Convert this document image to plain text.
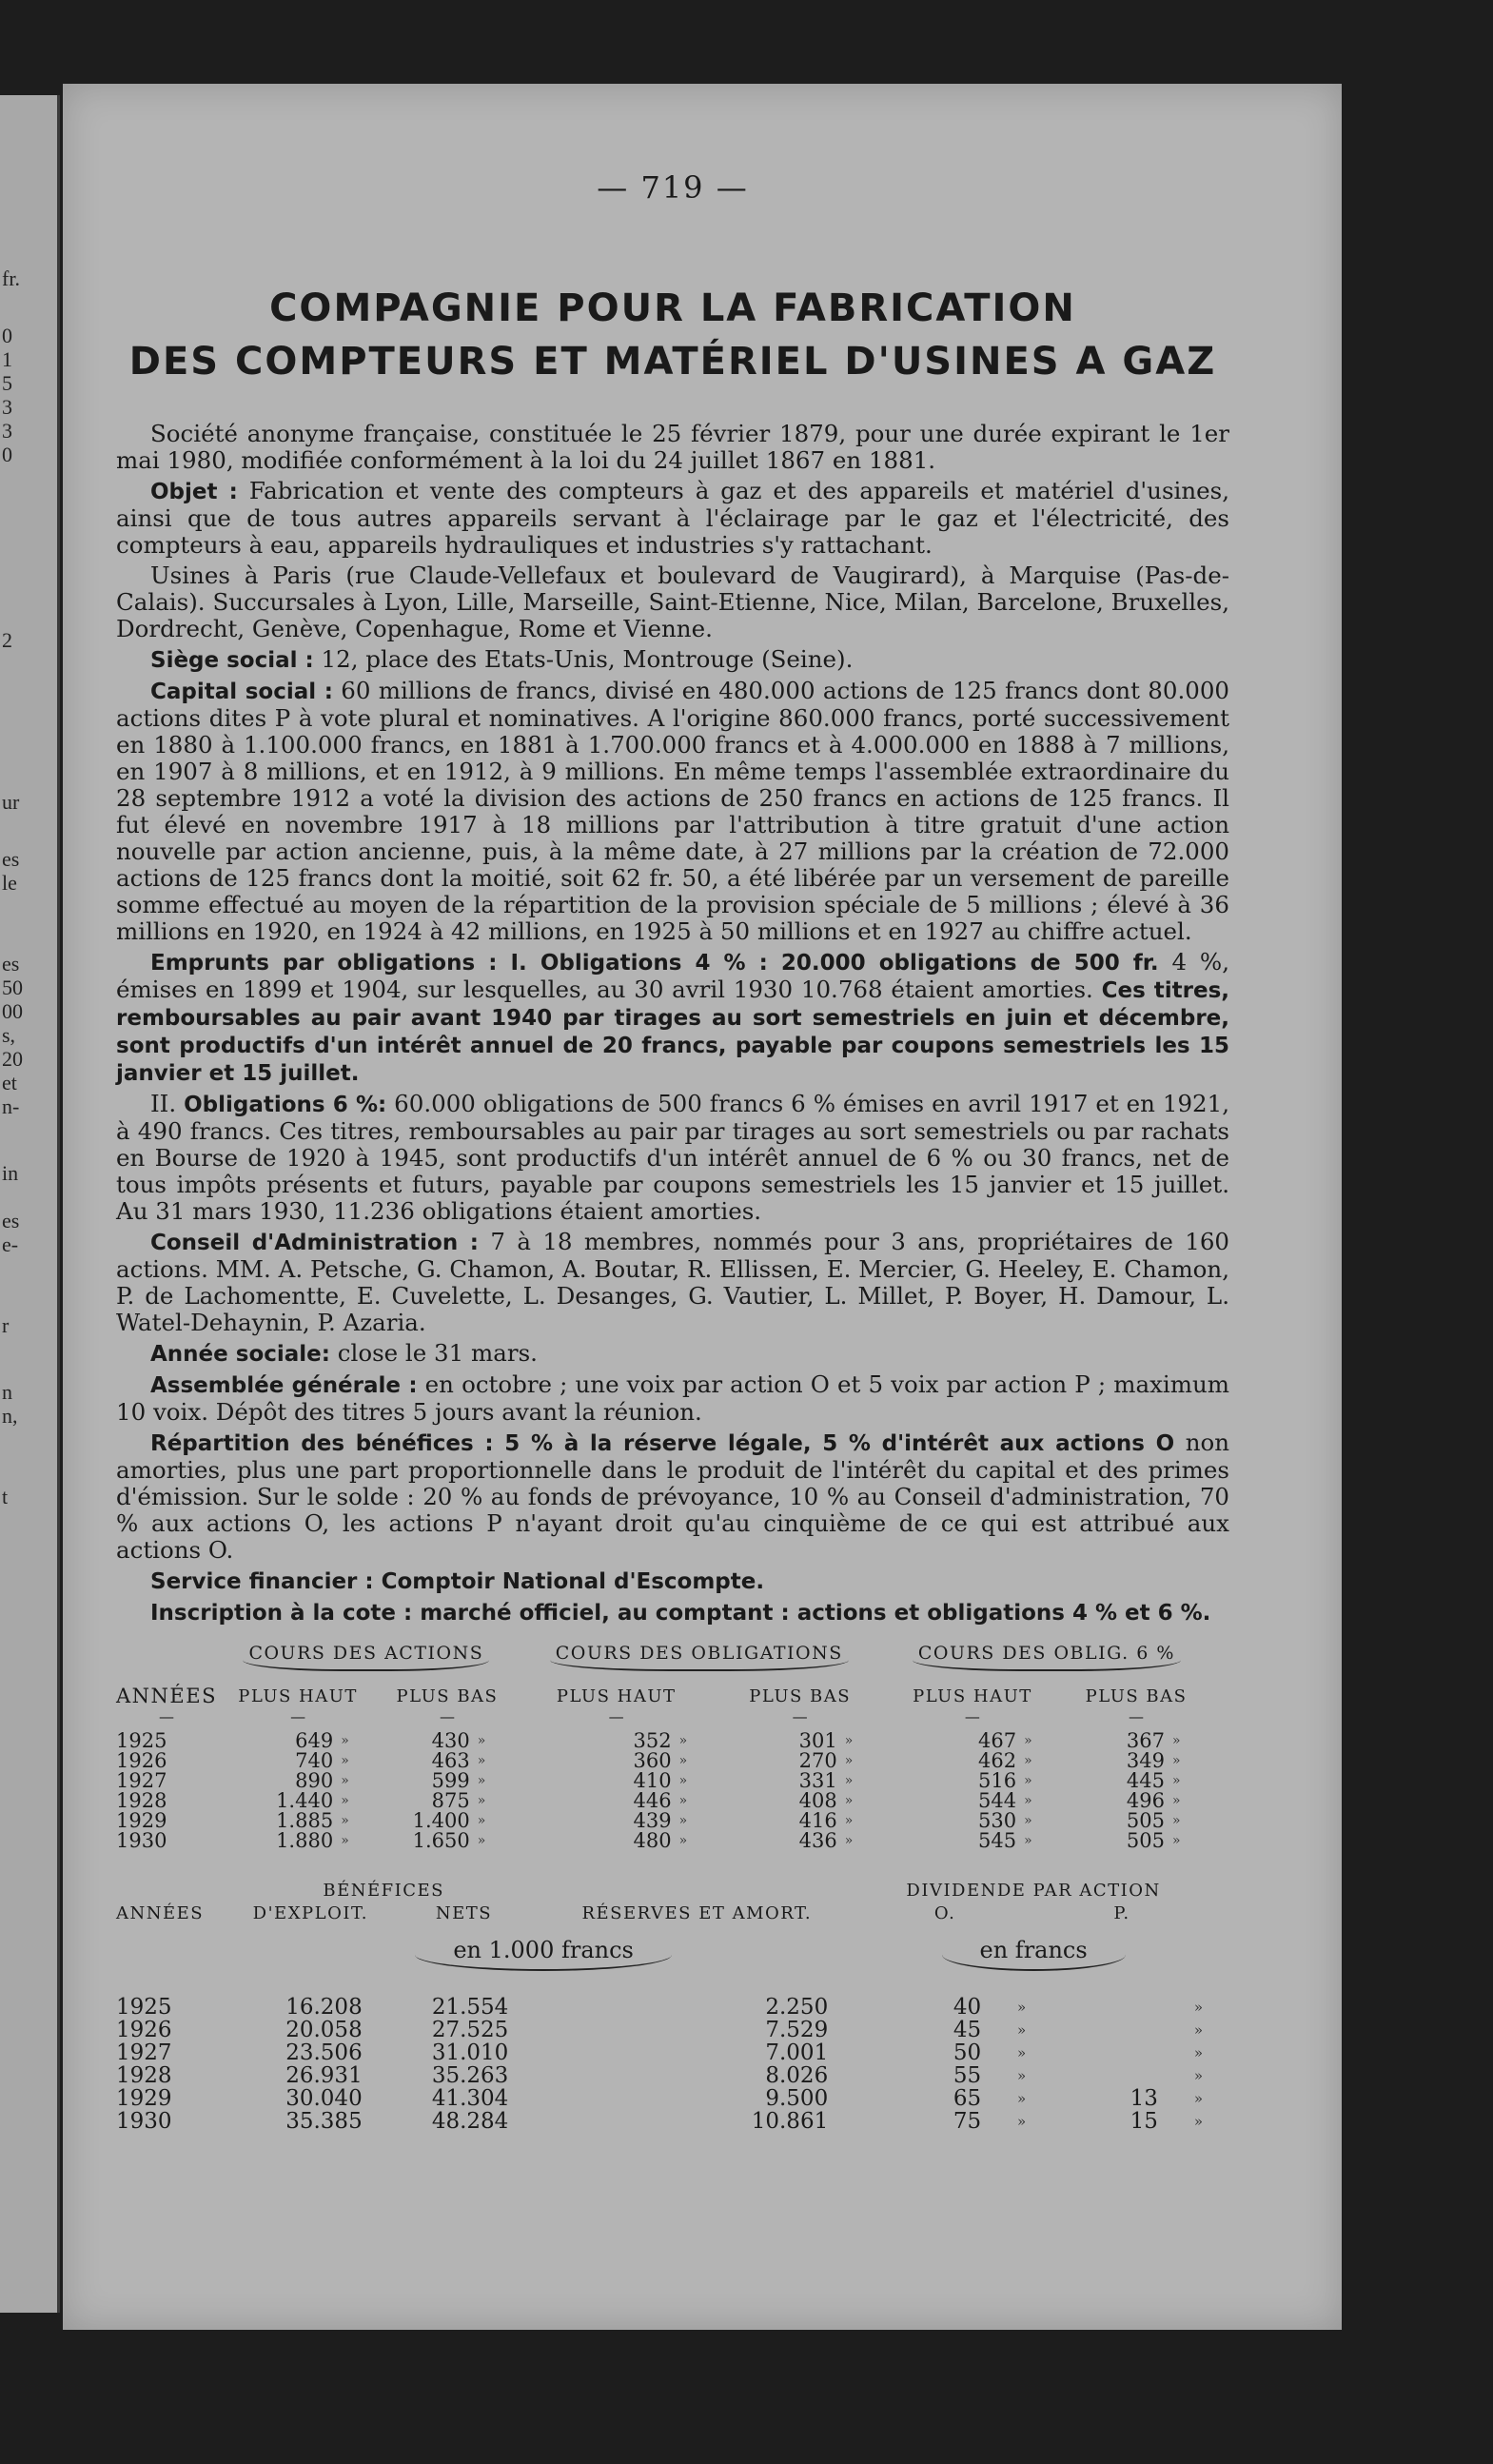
fr.
0
1
5
3
3
0
2
ur
es
le
es
50
00
s,
20
et
n-
in
es
e-
r
n
n,
t
— 719 —
COMPAGNIE POUR LA FABRICATION
DES COMPTEURS ET MATÉRIEL D'USINES A GAZ

Société anonyme française, constituée le 25 février 1879, pour une durée expirant le 1er mai 1980, modifiée conformément à la loi du 24 juillet 1867 en 1881.

Objet : Fabrication et vente des compteurs à gaz et des appareils et matériel d'usines, ainsi que de tous autres appareils servant à l'éclairage par le gaz et l'électricité, des compteurs à eau, appareils hydrauliques et industries s'y rattachant.

Usines à Paris (rue Claude-Vellefaux et boulevard de Vaugirard), à Marquise (Pas-de-Calais). Succursales à Lyon, Lille, Marseille, Saint-Etienne, Nice, Milan, Barcelone, Bruxelles, Dordrecht, Genève, Copenhague, Rome et Vienne.

Siège social : 12, place des Etats-Unis, Montrouge (Seine).

Capital social : 60 millions de francs, divisé en 480.000 actions de 125 francs dont 80.000 actions dites P à vote plural et nominatives. A l'origine 860.000 francs, porté successivement en 1880 à 1.100.000 francs, en 1881 à 1.700.000 francs et à 4.000.000 en 1888 à 7 millions, en 1907 à 8 millions, et en 1912, à 9 millions. En même temps l'assemblée extraordinaire du 28 septembre 1912 a voté la division des actions de 250 francs en actions de 125 francs. Il fut élevé en novembre 1917 à 18 millions par l'attribution à titre gratuit d'une action nouvelle par action ancienne, puis, à la même date, à 27 millions par la création de 72.000 actions de 125 francs dont la moitié, soit 62 fr. 50, a été libérée par un versement de pareille somme effectué au moyen de la répartition de la provision spéciale de 5 millions ; élevé à 36 millions en 1920, en 1924 à 42 millions, en 1925 à 50 millions et en 1927 au chiffre actuel.

Emprunts par obligations : I. Obligations 4 % : 20.000 obligations de 500 fr. 4 %, émises en 1899 et 1904, sur lesquelles, au 30 avril 1930 10.768 étaient amorties. Ces titres, remboursables au pair avant 1940 par tirages au sort semestriels en juin et décembre, sont productifs d'un intérêt annuel de 20 francs, payable par coupons semestriels les 15 janvier et 15 juillet.

II. Obligations 6 %: 60.000 obligations de 500 francs 6 % émises en avril 1917 et en 1921, à 490 francs. Ces titres, remboursables au pair par tirages au sort semestriels ou par rachats en Bourse de 1920 à 1945, sont productifs d'un intérêt annuel de 6 % ou 30 francs, net de tous impôts présents et futurs, payable par coupons semestriels les 15 janvier et 15 juillet. Au 31 mars 1930, 11.236 obligations étaient amorties.

Conseil d'Administration : 7 à 18 membres, nommés pour 3 ans, propriétaires de 160 actions. MM. A. Petsche, G. Chamon, A. Boutar, R. Ellissen, E. Mercier, G. Heeley, E. Chamon, P. de Lachomentte, E. Cuvelette, L. Desanges, G. Vautier, L. Millet, P. Boyer, H. Damour, L. Watel-Dehaynin, P. Azaria.

Année sociale: close le 31 mars.

Assemblée générale : en octobre ; une voix par action O et 5 voix par action P ; maximum 10 voix. Dépôt des titres 5 jours avant la réunion.

Répartition des bénéfices : 5 % à la réserve légale, 5 % d'intérêt aux actions O non amorties, plus une part proportionnelle dans le produit de l'intérêt du capital et des primes d'émission. Sur le solde : 20 % au fonds de prévoyance, 10 % au Conseil d'administration, 70 % aux actions O, les actions P n'ayant droit qu'au cinquième de ce qui est attribué aux actions O.

Service financier : Comptoir National d'Escompte.

Inscription à la cote : marché officiel, au comptant : actions et obligations 4 % et 6 %.

	COURS DES ACTIONS				COURS DES OBLIGATIONS				COURS DES OBLIG. 6 %			
ANNÉES	PLUS HAUT		PLUS BAS		PLUS HAUT		PLUS BAS		PLUS HAUT		PLUS BAS	
—	—		—		—		—		—		—	
1925	649	»	430	»	352	»	301	»	467	»	367	»
1926	740	»	463	»	360	»	270	»	462	»	349	»
1927	890	»	599	»	410	»	331	»	516	»	445	»
1928	1.440	»	875	»	446	»	408	»	544	»	496	»
1929	1.885	»	1.400	»	439	»	416	»	530	»	505	»
1930	1.880	»	1.650	»	480	»	436	»	545	»	505	»
	BÉNÉFICES			DIVIDENDE PAR ACTION			
ANNÉES	D'EXPLOIT.	NETS	RÉSERVES ET AMORT.	O.		P.	
	en 1.000 francs			en francs			
1925	16.208	21.554	2.250	40	»		»
1926	20.058	27.525	7.529	45	»		»
1927	23.506	31.010	7.001	50	»		»
1928	26.931	35.263	8.026	55	»		»
1929	30.040	41.304	9.500	65	»	13	»
1930	35.385	48.284	10.861	75	»	15	»
